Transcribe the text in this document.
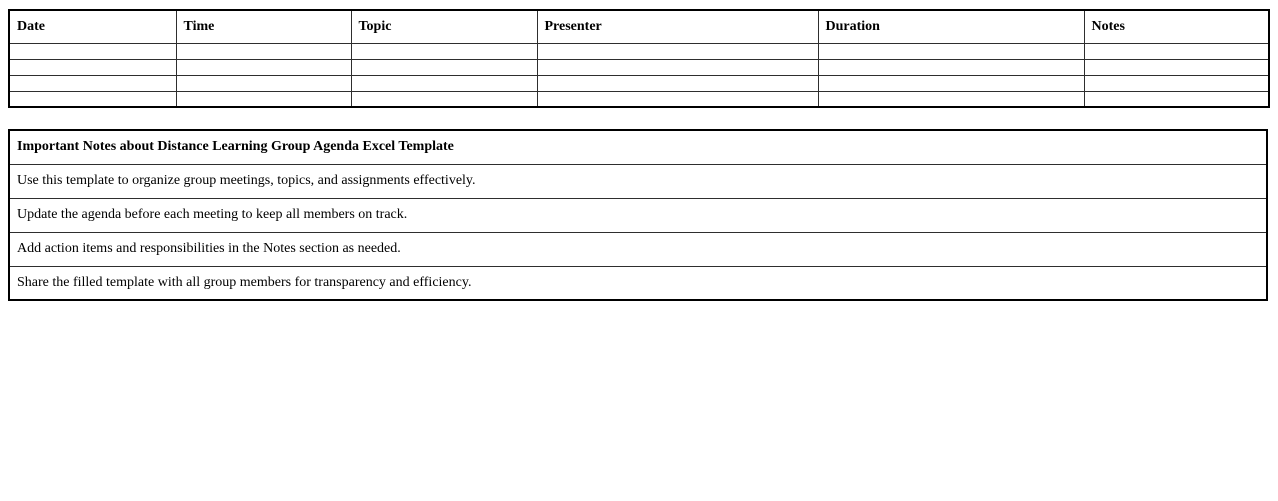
Date	Time	Topic	Presenter	Duration	Notes

Important Notes about Distance Learning Group Agenda Excel Template
Use this template to organize group meetings, topics, and assignments effectively.
Update the agenda before each meeting to keep all members on track.
Add action items and responsibilities in the Notes section as needed.
Share the filled template with all group members for transparency and efficiency.
